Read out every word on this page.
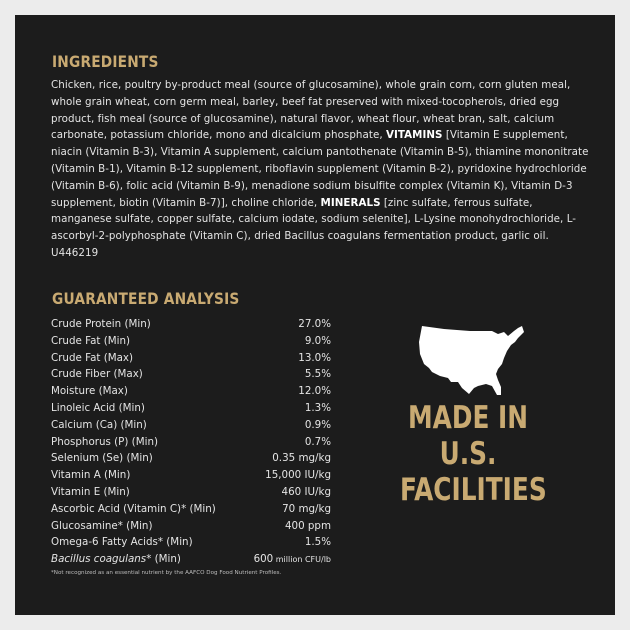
INGREDIENTS
Chicken, rice, poultry by-product meal (source of glucosamine), whole grain corn, corn gluten meal, whole grain wheat, corn germ meal, barley, beef fat preserved with mixed-tocopherols, dried egg product, fish meal (source of glucosamine), natural flavor, wheat flour, wheat bran, salt, calcium carbonate, potassium chloride, mono and dicalcium phosphate, VITAMINS [Vitamin E supplement, niacin (Vitamin B-3), Vitamin A supplement, calcium pantothenate (Vitamin B-5), thiamine mononitrate (Vitamin B-1), Vitamin B-12 supplement, riboflavin supplement (Vitamin B-2), pyridoxine hydrochloride (Vitamin B-6), folic acid (Vitamin B-9), menadione sodium bisulfite complex (Vitamin K), Vitamin D-3 supplement, biotin (Vitamin B-7)], choline chloride, MINERALS [zinc sulfate, ferrous sulfate, manganese sulfate, copper sulfate, calcium iodate, sodium selenite], L-Lysine monohydrochloride, L-ascorbyl-2-polyphosphate (Vitamin C), dried Bacillus coagulans fermentation product, garlic oil. U446219
GUARANTEED ANALYSIS
Crude Protein (Min)	27.0%
Crude Fat (Min)	9.0%
Crude Fat (Max)	13.0%
Crude Fiber (Max)	5.5%
Moisture (Max)	12.0%
Linoleic Acid (Min)	1.3%
Calcium (Ca) (Min)	0.9%
Phosphorus (P) (Min)	0.7%
Selenium (Se) (Min)	0.35 mg/kg
Vitamin A (Min)	15,000 IU/kg
Vitamin E (Min)	460 IU/kg
Ascorbic Acid (Vitamin C)* (Min)	70 mg/kg
Glucosamine* (Min)	400 ppm
Omega-6 Fatty Acids* (Min)	1.5%
Bacillus coagulans* (Min)	600 million CFU/lb
*Not recognized as an essential nutrient by the AAFCO Dog Food Nutrient Profiles.
MADE IN
U.S.
FACILITIES
